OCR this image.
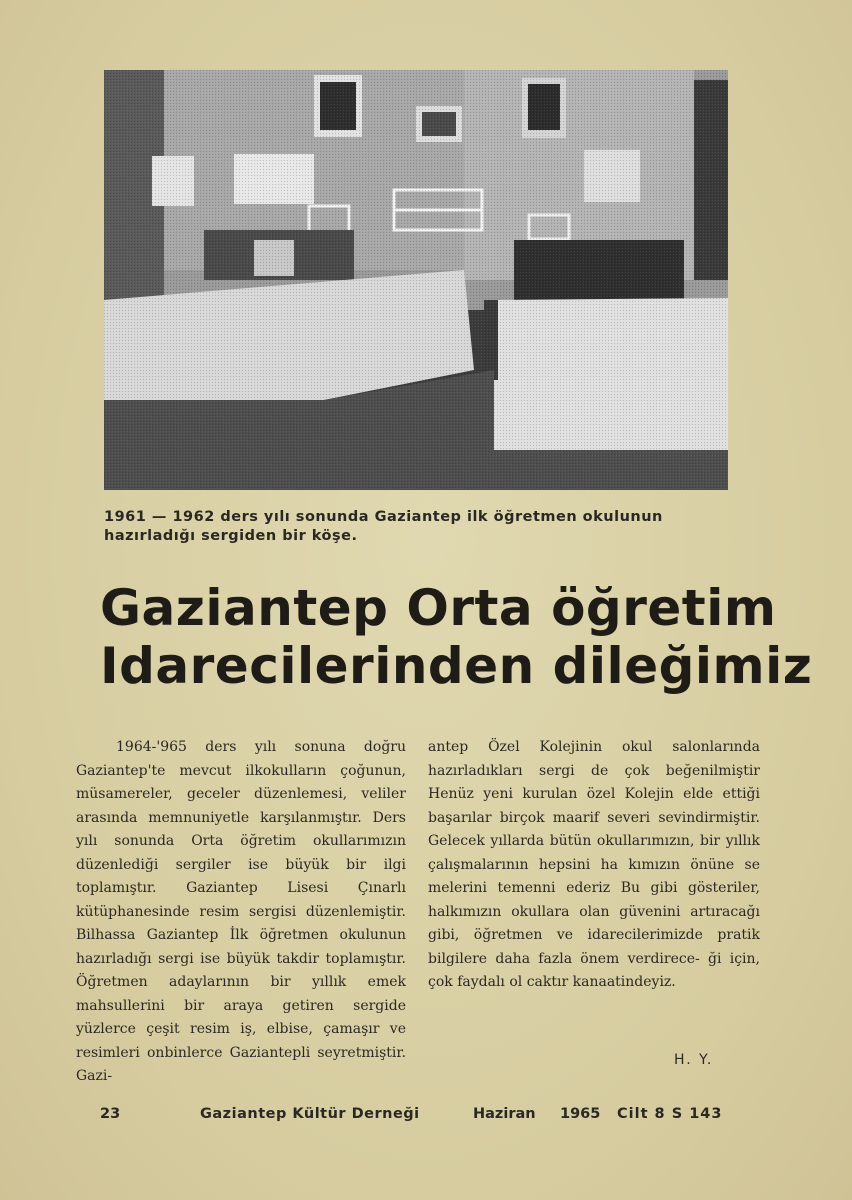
1961 — 1962 ders yılı sonunda Gaziantep ilk öğretmen okulunun hazırladığı sergiden bir köşe.
Gaziantep Orta öğretim
Idarecilerinden dileğimiz

1964-'965 ders yılı sonuna doğru Gaziantep'te mevcut ilkokulların çoğunun, müsamereler, geceler düzenlemesi, veliler arasında memnuniyetle karşılanmıştır. Ders yılı sonunda Orta öğretim okullarımızın düzenlediği sergiler ise büyük bir ilgi toplamıştır. Gaziantep Lisesi Çınarlı kütüphanesinde resim sergisi düzenlemiştir. Bilhassa Gaziantep İlk öğretmen okulunun hazırladığı sergi ise büyük takdir toplamıştır. Öğretmen adaylarının bir yıllık emek mahsullerini bir araya getiren sergide yüzlerce çeşit resim iş, elbise, çamaşır ve resimleri onbinlerce Gaziantepli seyretmiştir. Gazi-

antep Özel Kolejinin okul salonlarında hazırladıkları sergi de çok beğenilmiştir Henüz yeni kurulan özel Kolejin elde ettiği başarılar birçok maarif severi sevindirmiştir. Gelecek yıllarda bütün okullarımızın, bir yıllık çalışmalarının hepsini ha kımızın önüne se melerini temenni ederiz Bu gibi gösteriler, halkımızın okullara olan güvenini artıracağı gibi, öğretmen ve idarecilerimizde pratik bilgilere daha fazla önem verdirece- ği için, çok faydalı ol caktır kanaatindeyiz.

H. Y.
23	Gaziantep Kültür Derneği	Haziran 1965 Cilt 8 S 143
